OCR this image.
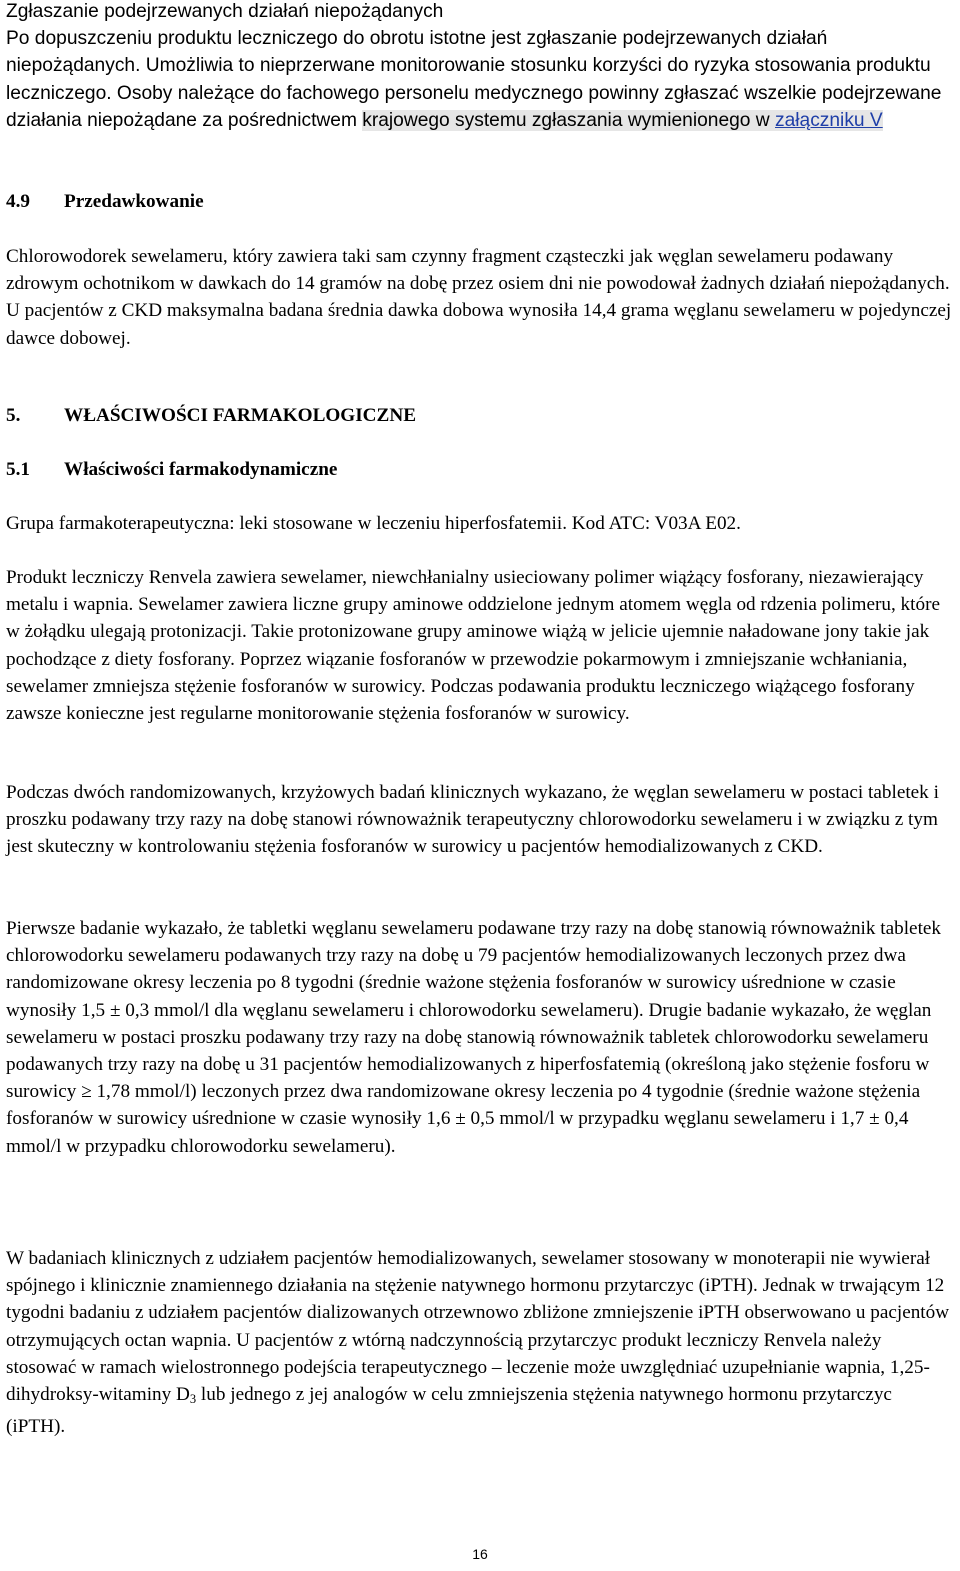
Zgłaszanie podejrzewanych działań niepożądanych
Po dopuszczeniu produktu leczniczego do obrotu istotne jest zgłaszanie podejrzewanych działań niepożądanych. Umożliwia to nieprzerwane monitorowanie stosunku korzyści do ryzyka stosowania produktu leczniczego. Osoby należące do fachowego personelu medycznego powinny zgłaszać wszelkie podejrzewane działania niepożądane za pośrednictwem krajowego systemu zgłaszania wymienionego w załączniku V

4.9 Przedawkowanie

Chlorowodorek sewelameru, który zawiera taki sam czynny fragment cząsteczki jak węglan sewelameru podawany zdrowym ochotnikom w dawkach do 14 gramów na dobę przez osiem dni nie powodował żadnych działań niepożądanych. U pacjentów z CKD maksymalna badana średnia dawka dobowa wynosiła 14,4 grama węglanu sewelameru w pojedynczej dawce dobowej.

5. WŁAŚCIWOŚCI FARMAKOLOGICZNE
5.1 Właściwości farmakodynamiczne

Grupa farmakoterapeutyczna: leki stosowane w leczeniu hiperfosfatemii. Kod ATC: V03A E02.

Produkt leczniczy Renvela zawiera sewelamer, niewchłanialny usieciowany polimer wiążący fosforany, niezawierający metalu i wapnia. Sewelamer zawiera liczne grupy aminowe oddzielone jednym atomem węgla od rdzenia polimeru, które w żołądku ulegają protonizacji. Takie protonizowane grupy aminowe wiążą w jelicie ujemnie naładowane jony takie jak pochodzące z diety fosforany. Poprzez wiązanie fosforanów w przewodzie pokarmowym i zmniejszanie wchłaniania, sewelamer zmniejsza stężenie fosforanów w surowicy. Podczas podawania produktu leczniczego wiążącego fosforany zawsze konieczne jest regularne monitorowanie stężenia fosforanów w surowicy.

Podczas dwóch randomizowanych, krzyżowych badań klinicznych wykazano, że węglan sewelameru w postaci tabletek i proszku podawany trzy razy na dobę stanowi równoważnik terapeutyczny chlorowodorku sewelameru i w związku z tym jest skuteczny w kontrolowaniu stężenia fosforanów w surowicy u pacjentów hemodializowanych z CKD.

Pierwsze badanie wykazało, że tabletki węglanu sewelameru podawane trzy razy na dobę stanowią równoważnik tabletek chlorowodorku sewelameru podawanych trzy razy na dobę u 79 pacjentów hemodializowanych leczonych przez dwa randomizowane okresy leczenia po 8 tygodni (średnie ważone stężenia fosforanów w surowicy uśrednione w czasie wynosiły 1,5 ± 0,3 mmol/l dla węglanu sewelameru i chlorowodorku sewelameru). Drugie badanie wykazało, że węglan sewelameru w postaci proszku podawany trzy razy na dobę stanowią równoważnik tabletek chlorowodorku sewelameru podawanych trzy razy na dobę u 31 pacjentów hemodializowanych z hiperfosfatemią (określoną jako stężenie fosforu w surowicy ≥ 1,78 mmol/l) leczonych przez dwa randomizowane okresy leczenia po 4 tygodnie (średnie ważone stężenia fosforanów w surowicy uśrednione w czasie wynosiły 1,6 ± 0,5 mmol/l w przypadku węglanu sewelameru i 1,7 ± 0,4 mmol/l w przypadku chlorowodorku sewelameru).

W badaniach klinicznych z udziałem pacjentów hemodializowanych, sewelamer stosowany w monoterapii nie wywierał spójnego i klinicznie znamiennego działania na stężenie natywnego hormonu przytarczyc (iPTH). Jednak w trwającym 12 tygodni badaniu z udziałem pacjentów dializowanych otrzewnowo zbliżone zmniejszenie iPTH obserwowano u pacjentów otrzymujących octan wapnia. U pacjentów z wtórną nadczynnością przytarczyc produkt leczniczy Renvela należy stosować w ramach wielostronnego podejścia terapeutycznego – leczenie może uwzględniać uzupełnianie wapnia, 1,25-dihydroksy-witaminy $D_3$ lub jednego z jej analogów w celu zmniejszenia stężenia natywnego hormonu przytarczyc (iPTH).

16
